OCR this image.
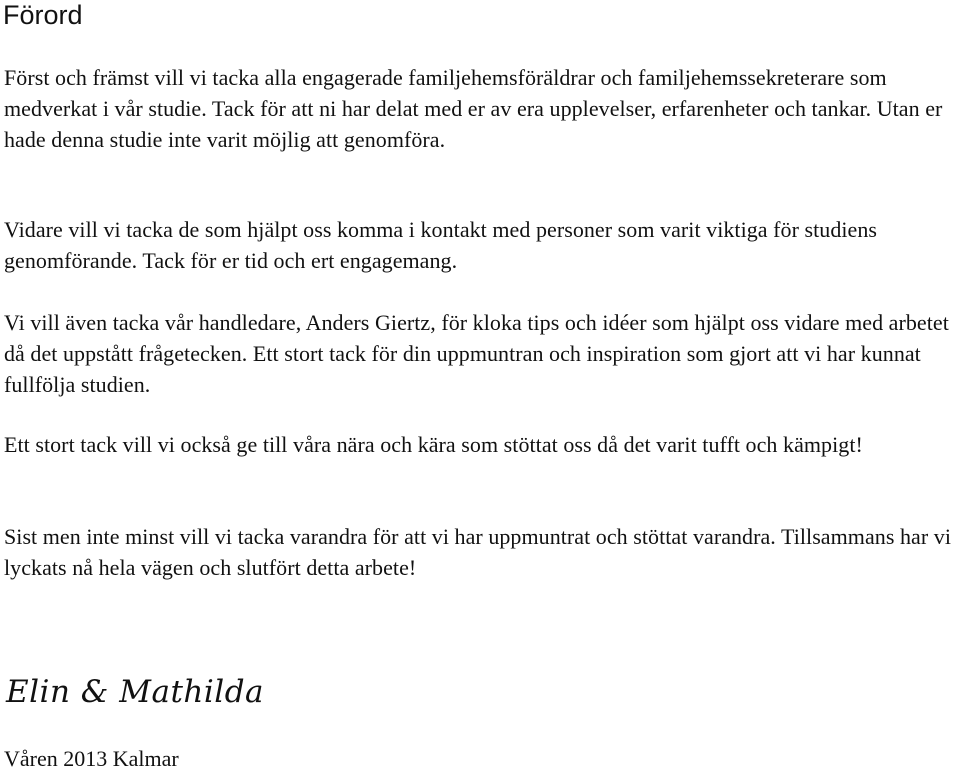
Förord

Först och främst vill vi tacka alla engagerade familjehemsföräldrar och familjehemssekreterare som medverkat i vår studie. Tack för att ni har delat med er av era upplevelser, erfarenheter och tankar. Utan er hade denna studie inte varit möjlig att genomföra.

Vidare vill vi tacka de som hjälpt oss komma i kontakt med personer som varit viktiga för studiens genomförande. Tack för er tid och ert engagemang.

Vi vill även tacka vår handledare, Anders Giertz, för kloka tips och idéer som hjälpt oss vidare med arbetet då det uppstått frågetecken. Ett stort tack för din uppmuntran och inspiration som gjort att vi har kunnat fullfölja studien.

Ett stort tack vill vi också ge till våra nära och kära som stöttat oss då det varit tufft och kämpigt!

Sist men inte minst vill vi tacka varandra för att vi har uppmuntrat och stöttat varandra. Tillsammans har vi lyckats nå hela vägen och slutfört detta arbete!

Elin & Mathilda

Våren 2013 Kalmar
